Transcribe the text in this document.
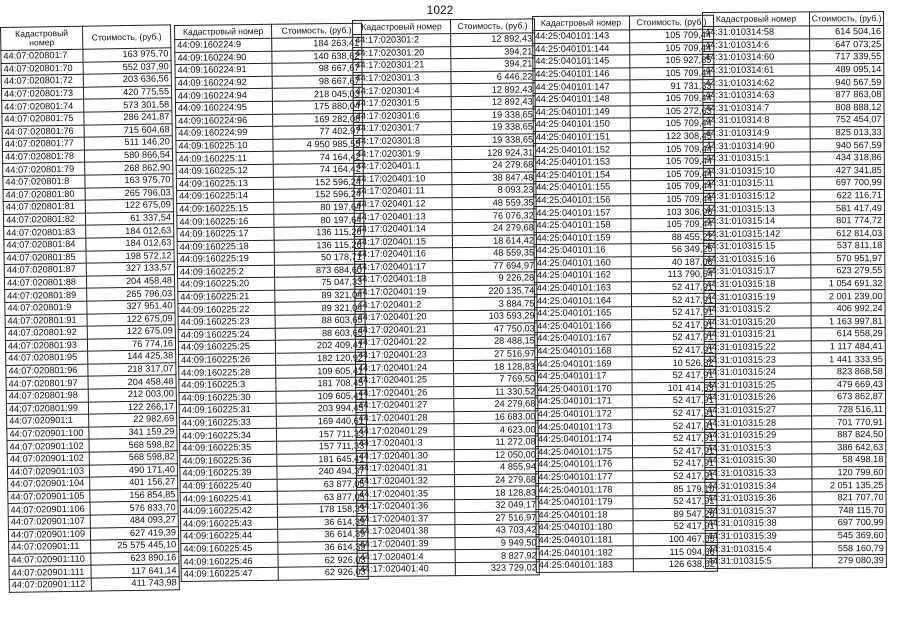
1022
Кадастровый номер	Стоимость, (руб.)
44:07:020801:7	163 975,70
44:07:020801:70	552 037,90
44:07:020801:72	203 636,56
44:07:020801:73	420 775,55
44:07:020801:74	573 301,58
44:07:020801:75	286 241,87
44:07:020801:76	715 604,68
44:07:020801:77	511 146,20
44:07:020801:78	580 866,54
44:07:020801:79	268 862,90
44:07:020801:8	163 975,70
44:07:020801:80	265 796,03
44:07:020801:81	122 675,09
44:07:020801:82	61 337,54
44:07:020801:83	184 012,63
44:07:020801:84	184 012,63
44:07:020801:85	198 572,12
44:07:020801:87	327 133,57
44:07:020801:88	204 458,48
44:07:020801:89	265 796,03
44:07:020801:9	327 951,40
44:07:020801:91	122 675,09
44:07:020801:92	122 675,09
44:07:020801:93	76 774,16
44:07:020801:95	144 425,38
44:07:020801:96	218 317,07
44:07:020801:97	204 458,48
44:07:020801:98	212 003,00
44:07:020801:99	122 266,17
44:07:020901:1	22 982,69
44:07:020901:100	341 159,29
44:07:020901:102	568 598,82
44:07:020901:102	568 598,82
44:07:020901:103	490 171,40
44:07:020901:104	401 156,27
44:07:020901:105	156 854,85
44:07:020901:106	576 833,70
44:07:020901:107	484 093,27
44:07:020901:109	627 419,39
44:07:020901:11	25 575 445,10
44:07:020901:110	623 890,16
44:07:020901:111	117 641,14
44:07:020901:112	411 743,98
Кадастровый номер	Стоимость, (руб.)
44:09:160224:9	184 263,41
44:09:160224:90	140 638,62
44:09:160224:91	98 667,67
44:09:160224:92	98 667,67
44:09:160224:94	218 045,03
44:09:160224:95	175 880,04
44:09:160224:96	169 282,08
44:09:160224:99	77 402,97
44:09:160225:10	4 950 985,55
44:09:160225:11	74 164,42
44:09:160225:12	74 164,42
44:09:160225:13	152 596,24
44:09:160225:14	152 596,24
44:09:160225:15	80 197,64
44:09:160225:16	80 197,64
44:09:160225:17	136 115,26
44:09:160225:18	136 115,26
44:09:160225:19	50 178,71
44:09:160225:2	873 684,60
44:09:160225:20	75 047,33
44:09:160225:21	89 321,04
44:09:160225:22	89 321,04
44:09:160225:23	88 603,65
44:09:160225:24	88 603,65
44:09:160225:25	202 409,41
44:09:160225:26	182 120,92
44:09:160225:28	109 605,41
44:09:160225:3	181 708,45
44:09:160225:30	109 605,41
44:09:160225:31	203 994,45
44:09:160225:33	169 440,61
44:09:160225:34	157 711,33
44:09:160225:35	157 711,33
44:09:160225:36	181 645,41
44:09:160225:39	240 494,37
44:09:160225:40	63 877,05
44:09:160225:41	63 877,05
44:09:160225:42	178 158,33
44:09:160225:43	36 614,39
44:09:160225:44	36 614,39
44:09:160225:45	36 614,39
44:09:160225:46	62 926,03
44:09:160225:47	62 926,03
Кадастровый номер	Стоимость, (руб.)
44:17:020301:2	12 892,43
44:17:020301:20	394,21
44:17:020301:21	394,21
44:17:020301:3	6 446,22
44:17:020301:4	12 892,43
44:17:020301:5	12 892,43
44:17:020301:6	19 338,65
44:17:020301:7	19 338,65
44:17:020301:8	19 338,65
44:17:020301:9	128 924,31
44:17:020401:1	24 279,68
44:17:020401:10	38 847,48
44:17:020401:11	8 093,23
44:17:020401:12	48 559,35
44:17:020401:13	76 076,32
44:17:020401:14	24 279,68
44:17:020401:15	18 614,42
44:17:020401:16	48 559,35
44:17:020401:17	77 694,97
44:17:020401:18	9 226,28
44:17:020401:19	220 135,74
44:17:020401:2	3 884,75
44:17:020401:20	103 593,29
44:17:020401:21	47 750,03
44:17:020401:22	28 488,15
44:17:020401:23	27 516,97
44:17:020401:24	18 128,83
44:17:020401:25	7 769,50
44:17:020401:26	11 330,52
44:17:020401:27	24 279,68
44:17:020401:28	16 683,00
44:17:020401:29	4 623,00
44:17:020401:3	11 272,08
44:17:020401:30	12 050,00
44:17:020401:31	4 855,94
44:17:020401:32	24 279,68
44:17:020401:35	18 128,83
44:17:020401:36	32 049,17
44:17:020401:37	27 516,97
44:17:020401:38	43 703,42
44:17:020401:39	9 949,50
44:17:020401:4	8 827,92
44:17:020401:40	323 729,02
Кадастровый номер	Стоимость, (руб.)
44:25:040101:143	105 709,44
44:25:040101:144	105 709,44
44:25:040101:145	105 927,85
44:25:040101:146	105 709,44
44:25:040101:147	91 731,33
44:25:040101:148	105 709,44
44:25:040101:149	105 272,63
44:25:040101:150	105 709,44
44:25:040101:151	122 308,45
44:25:040101:152	105 709,44
44:25:040101:153	105 709,44
44:25:040101:154	105 709,44
44:25:040101:155	105 709,44
44:25:040101:156	105 709,44
44:25:040101:157	103 306,96
44:25:040101:158	105 709,44
44:25:040101:159	88 455,22
44:25:040101:16	56 349,25
44:25:040101:160	40 187,06
44:25:040101:162	113 790,54
44:25:040101:163	52 417,91
44:25:040101:164	52 417,91
44:25:040101:165	52 417,91
44:25:040101:166	52 417,91
44:25:040101:167	52 417,91
44:25:040101:168	52 417,91
44:25:040101:169	10 526,82
44:25:040101:17	52 417,91
44:25:040101:170	101 414,53
44:25:040101:171	52 417,91
44:25:040101:172	52 417,91
44:25:040101:173	52 417,91
44:25:040101:174	52 417,91
44:25:040101:175	52 417,91
44:25:040101:176	52 417,91
44:25:040101:177	52 417,91
44:25:040101:178	85 179,10
44:25:040101:179	52 417,91
44:25:040101:18	89 547,26
44:25:040101:180	52 417,91
44:25:040101:181	100 467,65
44:25:040101:182	115 094,66
44:25:040101:183	126 638,62
Кадастровый номер	Стоимость, (руб.)
44:31:010314:58	614 504,16
44:31:010314:6	647 073,25
44:31:010314:60	717 339,55
44:31:010314:61	489 095,14
44:31:010314:62	940 567,59
44:31:010314:63	877 863,08
44:31:010314:7	808 888,12
44:31:010314:8	752 454,07
44:31:010314:9	825 013,33
44:31:010314:90	940 567,59
44:31:010315:1	434 318,86
44:31:010315:10	427 341,85
44:31:010315:11	697 700,99
44:31:010315:12	622 116,71
44:31:010315:13	581 417,49
44:31:010315:14	801 774,72
44:31:010315:142	612 814,03
44:31:010315:15	537 811,18
44:31:010315:16	570 951,97
44:31:010315:17	623 279,55
44:31:010315:18	1 054 691,32
44:31:010315:19	2 001 239,00
44:31:010315:2	406 992,24
44:31:010315:20	1 163 997,81
44:31:010315:21	614 558,29
44:31:010315:22	1 117 484,41
44:31:010315:23	1 441 333,95
44:31:010315:24	823 868,58
44:31:010315:25	479 669,43
44:31:010315:26	673 862,87
44:31:010315:27	728 516,11
44:31:010315:28	701 770,91
44:31:010315:29	887 824,50
44:31:010315:3	386 642,63
44:31:010315:30	58 498,18
44:31:010315:33	120 799,60
44:31:010315:34	2 051 135,25
44:31:010315:36	821 707,70
44:31:010315:37	748 115,70
44:31:010315:38	697 700,99
44:31:010315:39	545 369,60
44:31:010315:4	558 160,79
44:31:010315:5	279 080,39
